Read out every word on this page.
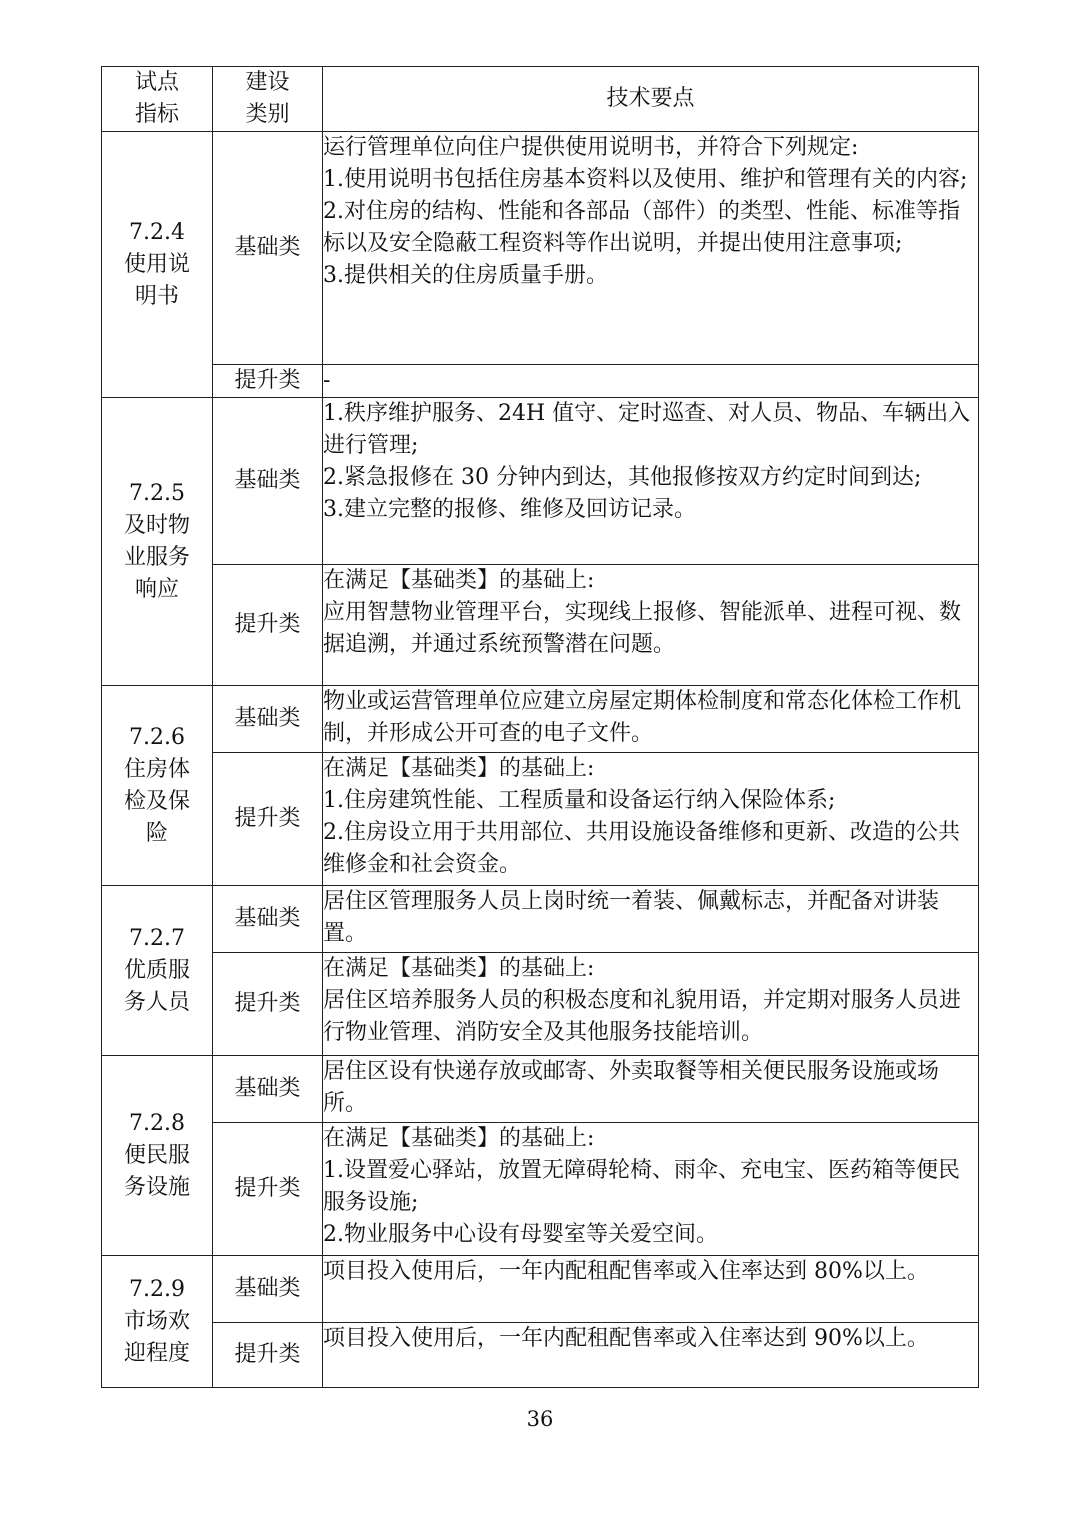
试点
指标	建设
类别	技术要点

7.2.4
使用说
明书	基础类	运行管理单位向住户提供使用说明书，并符合下列规定:
1.使用说明书包括住房基本资料以及使用、维护和管理有关的内容;
2.对住房的结构、性能和各部品（部件）的类型、性能、标准等指标以及安全隐蔽工程资料等作出说明，并提出使用注意事项;
3.提供相关的住房质量手册。

	提升类	-

7.2.5
及时物
业服务
响应	基础类	1.秩序维护服务、24H 值守、定时巡查、对人员、物品、车辆出入进行管理;
2.紧急报修在 30 分钟内到达，其他报修按双方约定时间到达;
3.建立完整的报修、维修及回访记录。

	提升类	在满足【基础类】的基础上:
应用智慧物业管理平台，实现线上报修、智能派单、进程可视、数据追溯，并通过系统预警潜在问题。

7.2.6
住房体
检及保
险	基础类	物业或运营管理单位应建立房屋定期体检制度和常态化体检工作机制，并形成公开可查的电子文件。

	提升类	在满足【基础类】的基础上:
1.住房建筑性能、工程质量和设备运行纳入保险体系;
2.住房设立用于共用部位、共用设施设备维修和更新、改造的公共维修金和社会资金。

7.2.7
优质服
务人员	基础类	居住区管理服务人员上岗时统一着装、佩戴标志，并配备对讲装置。

	提升类	在满足【基础类】的基础上:
居住区培养服务人员的积极态度和礼貌用语，并定期对服务人员进行物业管理、消防安全及其他服务技能培训。

7.2.8
便民服
务设施	基础类	居住区设有快递存放或邮寄、外卖取餐等相关便民服务设施或场所。

	提升类	在满足【基础类】的基础上:
1.设置爱心驿站，放置无障碍轮椅、雨伞、充电宝、医药箱等便民服务设施;
2.物业服务中心设有母婴室等关爱空间。

7.2.9
市场欢
迎程度	基础类	项目投入使用后，一年内配租配售率或入住率达到 80%以上。

	提升类	项目投入使用后，一年内配租配售率或入住率达到 90%以上。
36
